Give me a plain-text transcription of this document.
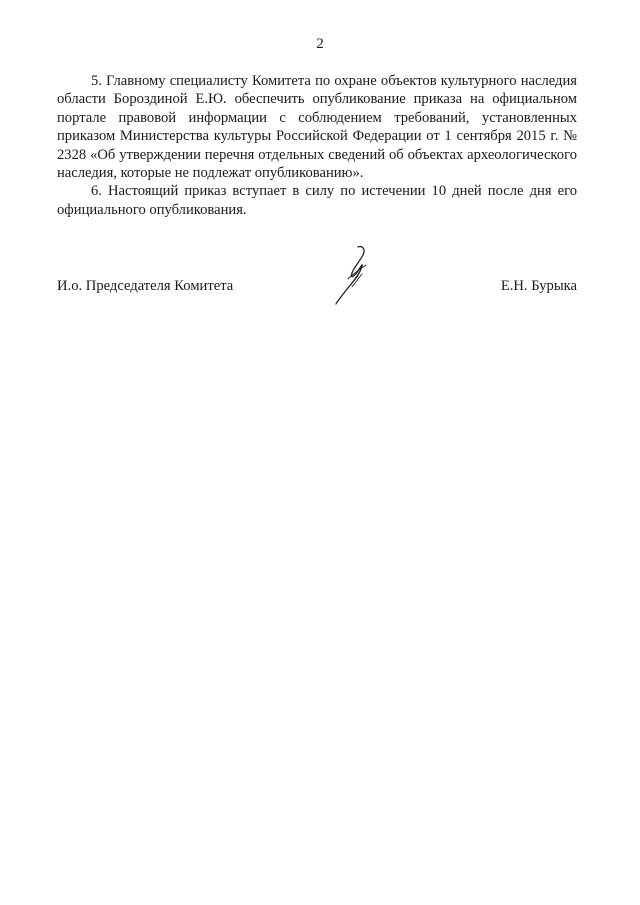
2

5. Главному специалисту Комитета по охране объектов культурного наследия области Бороздиной Е.Ю. обеспечить опубликование приказа на официальном портале правовой информации с соблюдением требований, установленных приказом Министерства культуры Российской Федерации от 1 сентября 2015 г. № 2328 «Об утверждении перечня отдельных сведений об объектах археологического наследия, которые не подлежат опубликованию».

6. Настоящий приказ вступает в силу по истечении 10 дней после дня его официального опубликования.

И.о. Председателя Комитета	Е.Н. Бурыка
